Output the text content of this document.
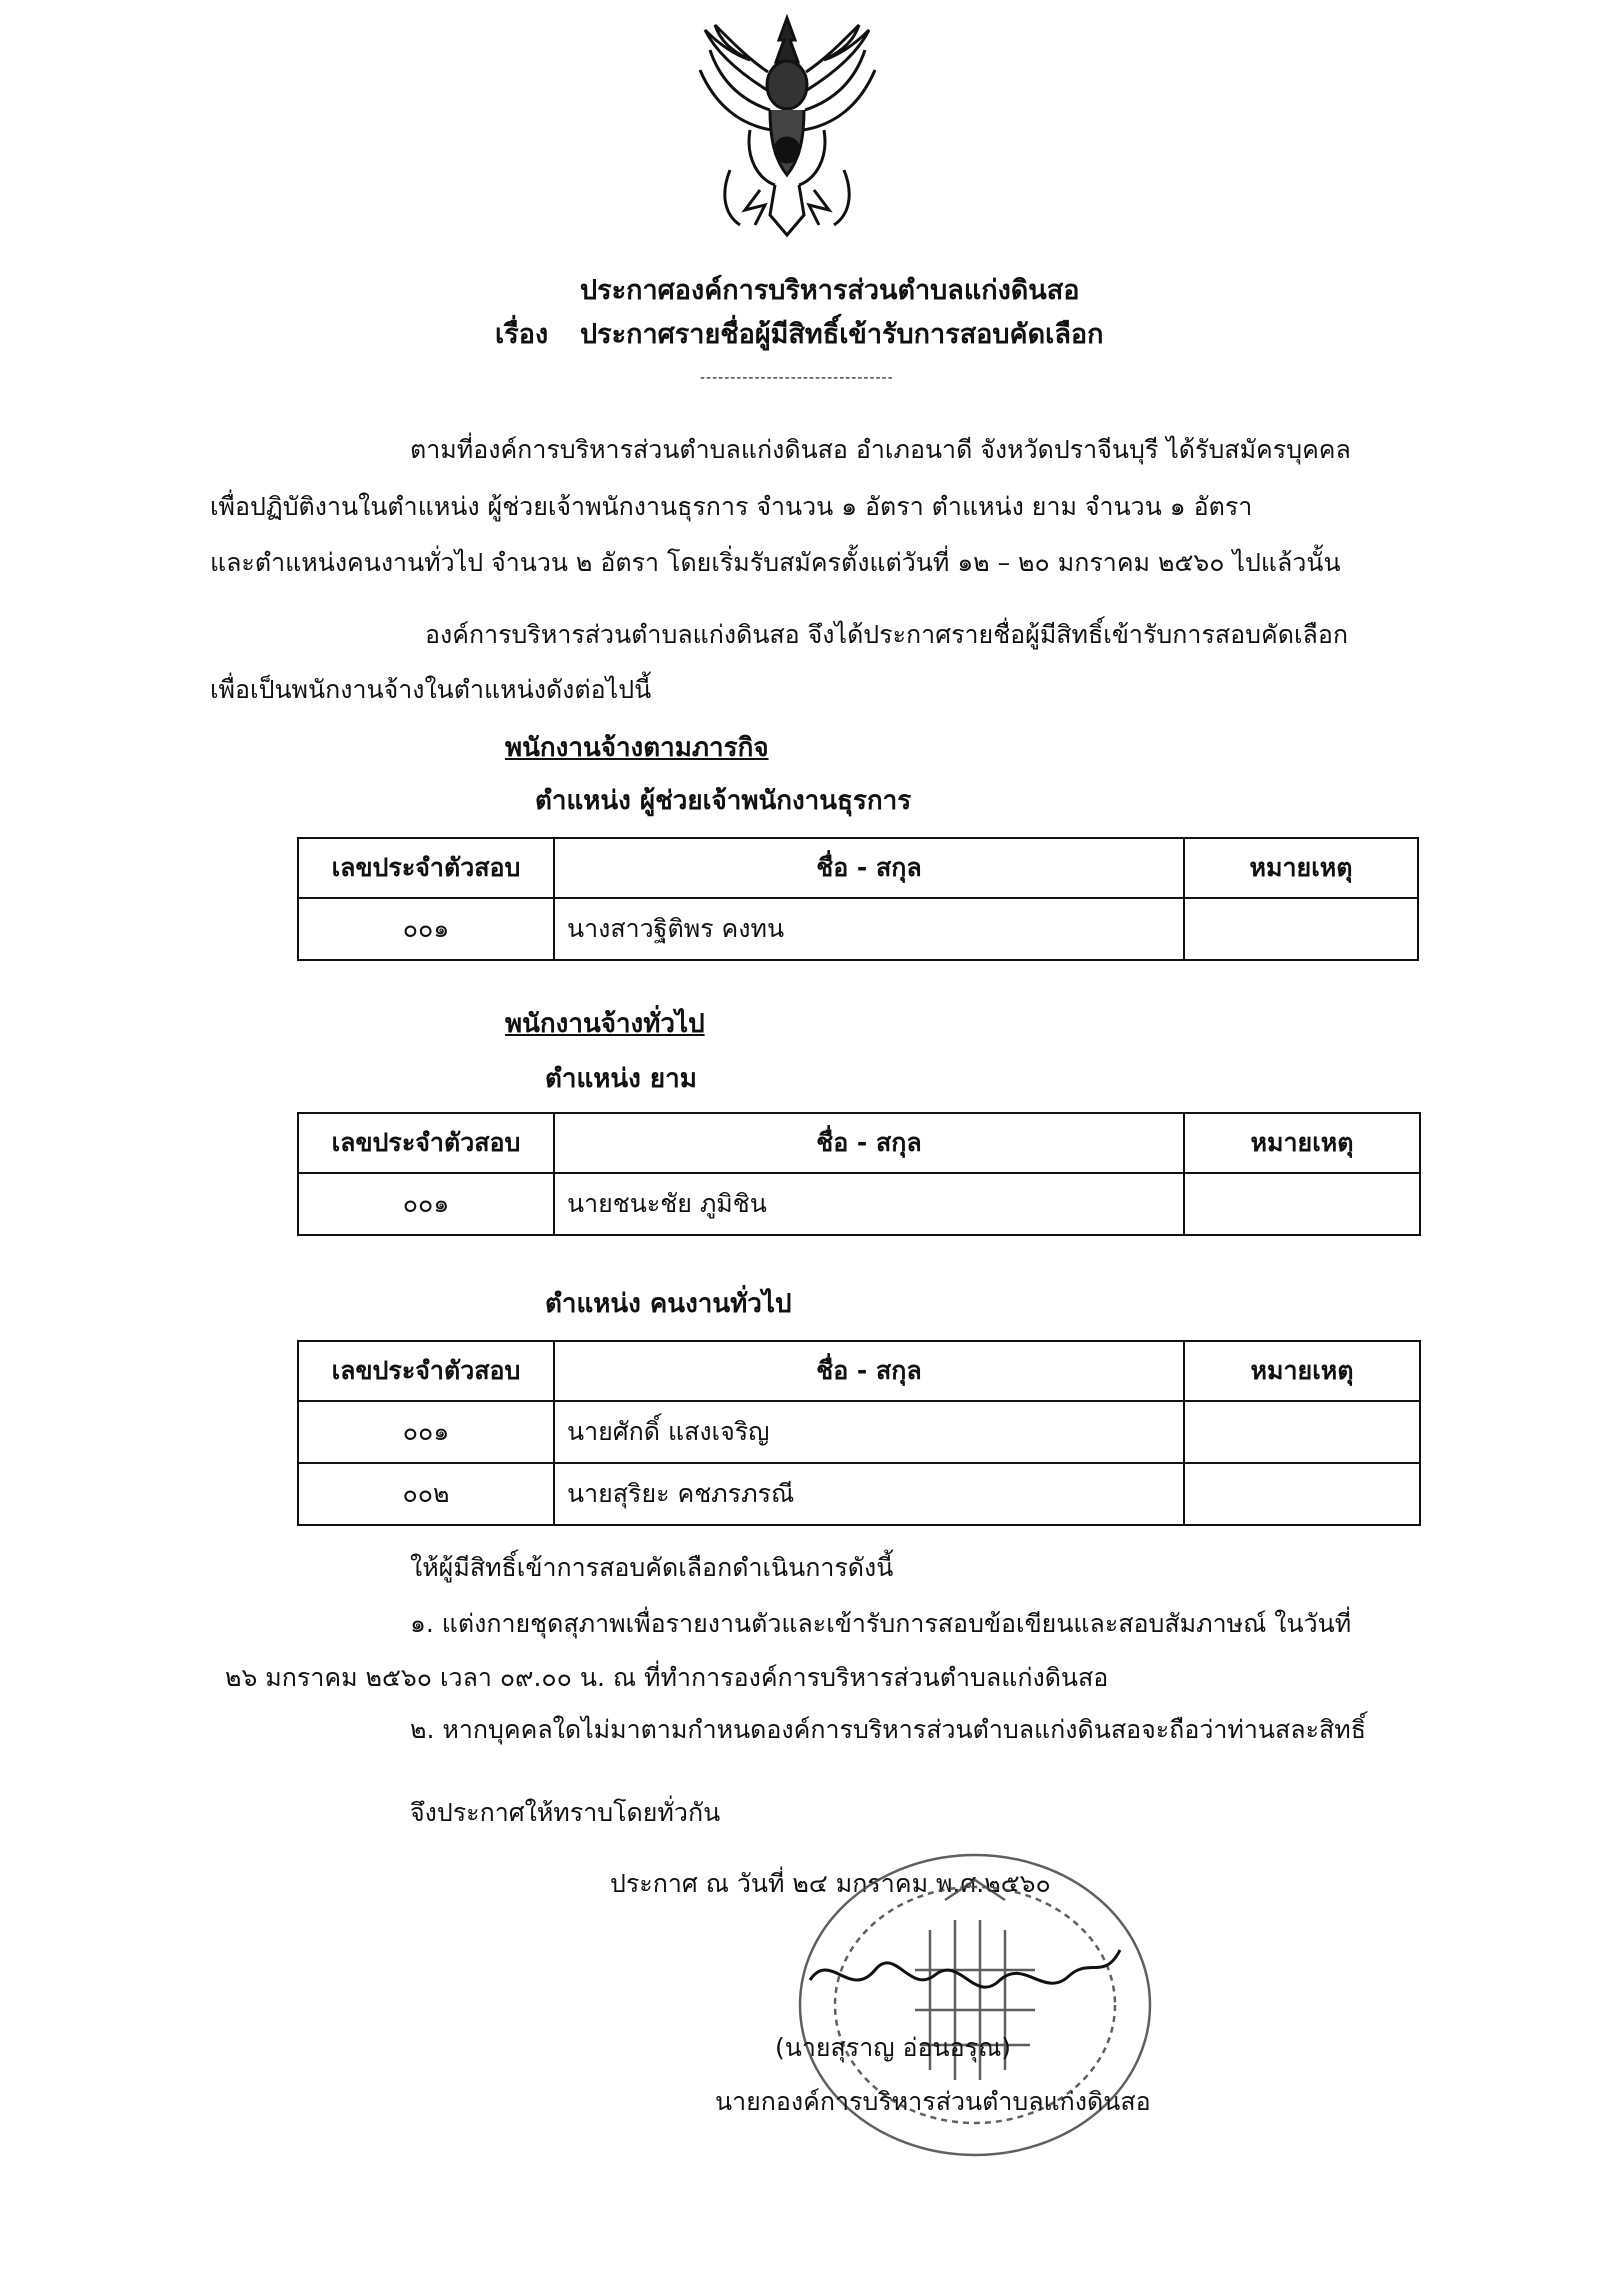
ประกาศองค์การบริหารส่วนตำบลแก่งดินสอ
เรื่อง ประกาศรายชื่อผู้มีสิทธิ์เข้ารับการสอบคัดเลือก
--------------------------------
ตามที่องค์การบริหารส่วนตำบลแก่งดินสอ อำเภอนาดี จังหวัดปราจีนบุรี ได้รับสมัครบุคคล
เพื่อปฏิบัติงานในตำแหน่ง ผู้ช่วยเจ้าพนักงานธุรการ จำนวน ๑ อัตรา ตำแหน่ง ยาม จำนวน ๑ อัตรา
และตำแหน่งคนงานทั่วไป จำนวน ๒ อัตรา โดยเริ่มรับสมัครตั้งแต่วันที่ ๑๒ – ๒๐ มกราคม ๒๕๖๐ ไปแล้วนั้น
องค์การบริหารส่วนตำบลแก่งดินสอ จึงได้ประกาศรายชื่อผู้มีสิทธิ์เข้ารับการสอบคัดเลือก
เพื่อเป็นพนักงานจ้างในตำแหน่งดังต่อไปนี้
พนักงานจ้างตามภารกิจ
ตำแหน่ง ผู้ช่วยเจ้าพนักงานธุรการ
เลขประจำตัวสอบ	ชื่อ - สกุล	หมายเหตุ
๐๐๑	นางสาวฐิติพร คงทน	
พนักงานจ้างทั่วไป
ตำแหน่ง ยาม
เลขประจำตัวสอบ	ชื่อ - สกุล	หมายเหตุ
๐๐๑	นายชนะชัย ภูมิชิน	
ตำแหน่ง คนงานทั่วไป
เลขประจำตัวสอบ	ชื่อ - สกุล	หมายเหตุ
๐๐๑	นายศักดิ์ แสงเจริญ	
๐๐๒	นายสุริยะ คชภรภรณี	
ให้ผู้มีสิทธิ์เข้าการสอบคัดเลือกดำเนินการดังนี้
๑. แต่งกายชุดสุภาพเพื่อรายงานตัวและเข้ารับการสอบข้อเขียนและสอบสัมภาษณ์ ในวันที่
๒๖ มกราคม ๒๕๖๐ เวลา ๐๙.๐๐ น. ณ ที่ทำการองค์การบริหารส่วนตำบลแก่งดินสอ
๒. หากบุคคลใดไม่มาตามกำหนดองค์การบริหารส่วนตำบลแก่งดินสอจะถือว่าท่านสละสิทธิ์
จึงประกาศให้ทราบโดยทั่วกัน
ประกาศ ณ วันที่ ๒๔ มกราคม พ.ศ.๒๕๖๐
(นายสุราญ อ่อนอรุณ)
นายกองค์การบริหารส่วนตำบลแก่งดินสอ
